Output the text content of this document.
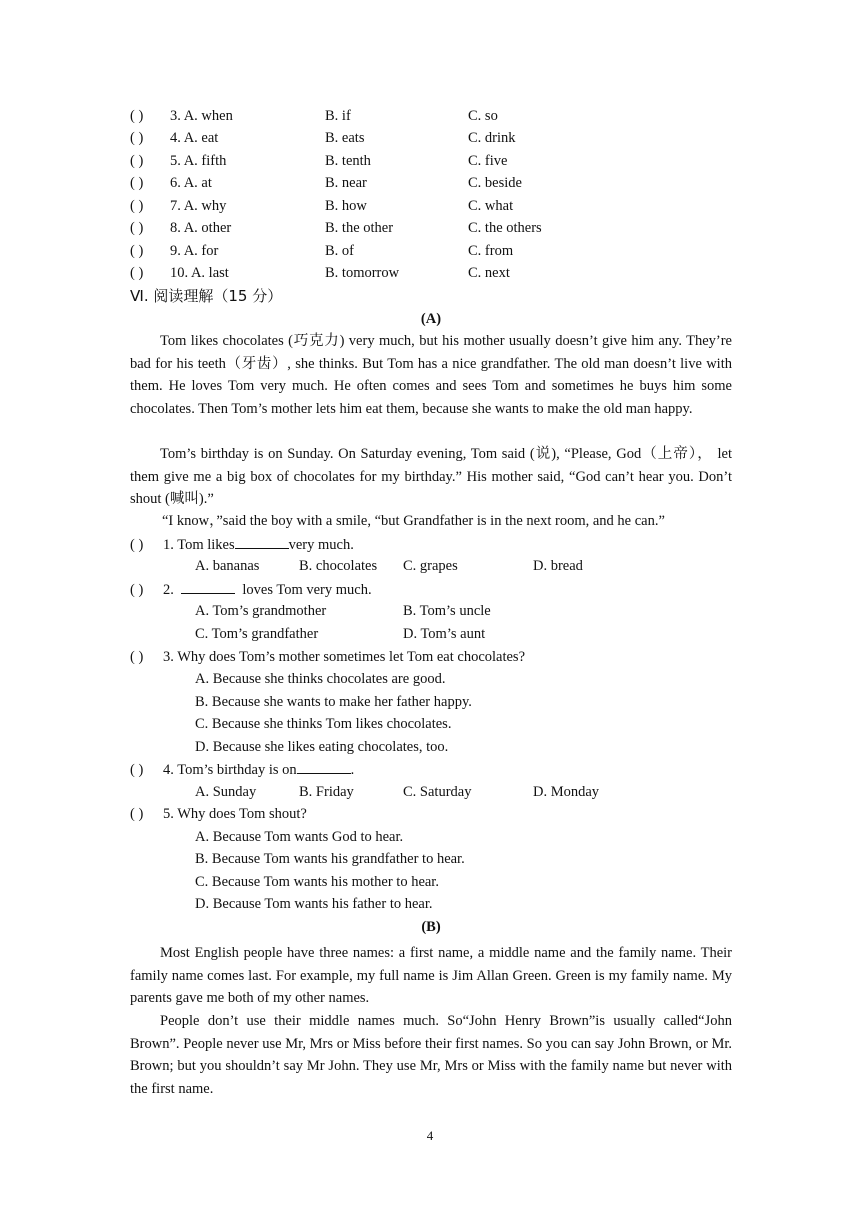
( ) 3. A. when	B. if	C. so
( ) 4. A. eat	B. eats	C. drink
( ) 5. A. fifth	B. tenth	C. five
( ) 6. A. at	B. near	C. beside
( ) 7. A. why	B. how	C. what
( ) 8. A. other	B. the other	C. the others
( ) 9. A. for	B. of	C. from
( ) 10. A. last	B. tomorrow	C. next
Ⅵ. 阅读理解（15 分）
(A)

Tom likes chocolates (巧克力) very much, but his mother usually doesn’t give him any. They’re bad for his teeth（牙齿）, she thinks. But Tom has a nice grandfather. The old man doesn’t live with them. He loves Tom very much. He often comes and sees Tom and sometimes he buys him some chocolates. Then Tom’s mother lets him eat them, because she wants to make the old man happy.

Tom’s birthday is on Sunday. On Saturday evening, Tom said (说), “Please, God（上帝）， let them give me a big box of chocolates for my birthday.” His mother said, “God can’t hear you. Don’t shout (喊叫).”

“I know，”said the boy with a smile, “but Grandfather is in the next room, and he can.”

( ) 1. Tom likes	very much.
A. bananas	B. chocolates C. grapes	D. bread
( ) 2.	loves Tom very much.
A. Tom’s grandmother	B. Tom’s uncle
C. Tom’s grandfather	D. Tom’s aunt
( ) 3. Why does Tom’s mother sometimes let Tom eat chocolates?
A. Because she thinks chocolates are good.
B. Because she wants to make her father happy.
C. Because she thinks Tom likes chocolates.
D. Because she likes eating chocolates, too.
( ) 4. Tom’s birthday is on	.
A. Sunday	B. Friday	C. Saturday	D. Monday
( ) 5. Why does Tom shout?
A. Because Tom wants God to hear.
B. Because Tom wants his grandfather to hear.
C. Because Tom wants his mother to hear.
D. Because Tom wants his father to hear.
(B)

Most English people have three names: a first name, a middle name and the family name. Their family name comes last. For example, my full name is Jim Allan Green. Green is my family name. My parents gave me both of my other names.

People don’t use their middle names much. So“John Henry Brown”is usually called“John Brown”. People never use Mr, Mrs or Miss before their first names. So you can say John Brown, or Mr. Brown; but you shouldn’t say Mr John. They use Mr, Mrs or Miss with the family name but never with the first name.

4
